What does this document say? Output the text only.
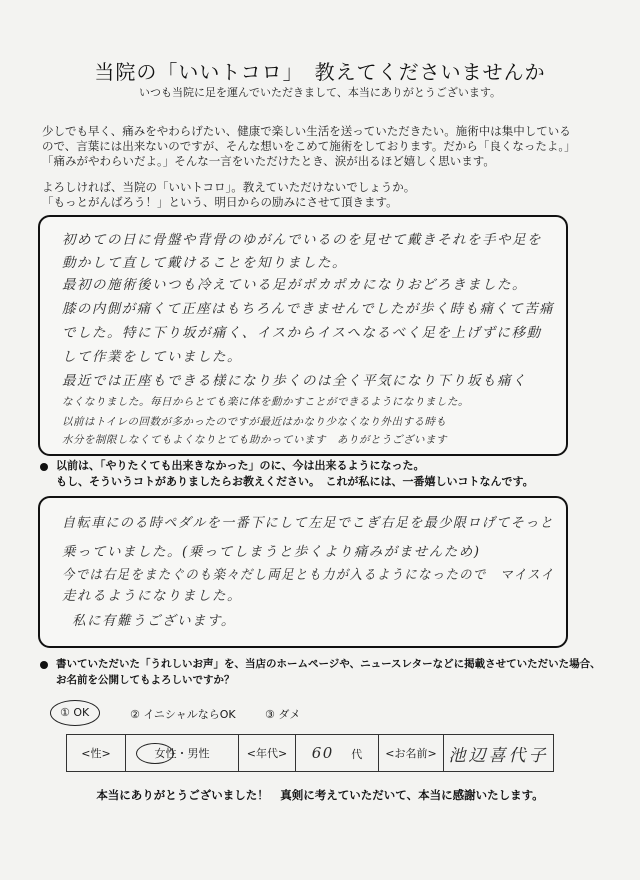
当院の「いいトコロ」　教えてくださいませんか
いつも当院に足を運んでいただきまして、本当にありがとうございます。
少しでも早く、痛みをやわらげたい、健康で楽しい生活を送っていただきたい。施術中は集中している
ので、言葉には出来ないのですが、そんな想いをこめて施術をしております。だから「良くなったよ。」
「痛みがやわらいだよ。」そんな一言をいただけたとき、涙が出るほど嬉しく思います。
よろしければ、当院の「いいトコロ」。教えていただけないでしょうか。
「もっとがんばろう！」という、明日からの励みにさせて頂きます。
初めての日に骨盤や背骨のゆがんでいるのを見せて戴きそれを手や足を
動かして直して戴けることを知りました。
最初の施術後いつも冷えている足がポカポカになりおどろきました。
膝の内側が痛くて正座はもちろんできませんでしたが歩く時も痛くて苦痛
でした。特に下り坂が痛く、イスからイスへなるべく足を上げずに移動
して作業をしていました。
最近では正座もできる様になり歩くのは全く平気になり下り坂も痛く
なくなりました。毎日からとても楽に体を動かすことができるようになりました。
以前はトイレの回数が多かったのですが最近はかなり少なくなり外出する時も
水分を制限しなくてもよくなりとても助かっています　ありがとうございます
以前は、「やりたくても出来きなかった」のに、今は出来るようになった。
もし、そういうコトがありましたらお教えください。　これが私には、一番嬉しいコトなんです。
自転車にのる時ペダルを一番下にして左足でこぎ右足を最少限ロげてそっと
乗っていました。(乗ってしまうと歩くより痛みがませんため)
今では右足をまたぐのも楽々だし両足とも力が入るようになったので　マイスイ
走れるようになりました。
私に有難うございます。
書いていただいた「うれしいお声」を、当店のホームページや、ニュースレターなどに掲載させていただいた場合、
お名前を公開してもよろしいですか？
① OK	② イニシャルならOK	③ ダメ
<性>	女性・男性	<年代>	60 代	<お名前>	池辺喜代子
本当にありがとうございました！　真剣に考えていただいて、本当に感謝いたします。
